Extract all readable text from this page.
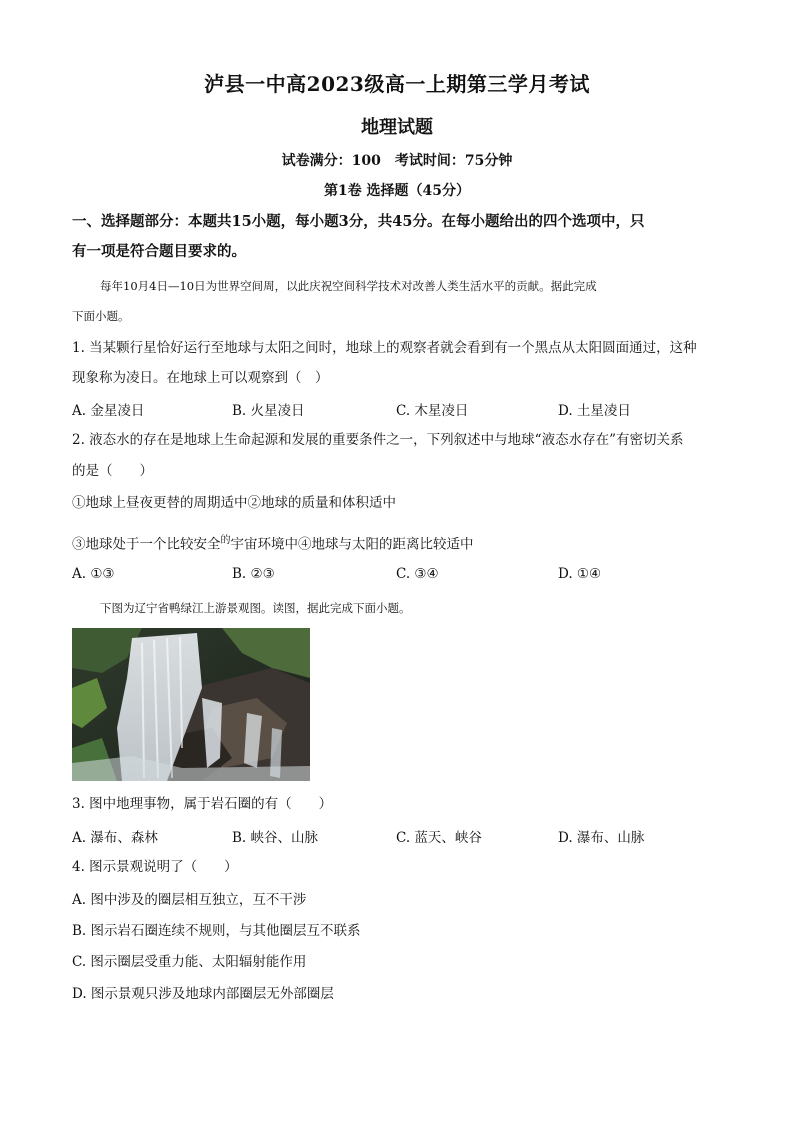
泸县一中高2023级高一上期第三学月考试
地理试题
试卷满分：100　考试时间：75分钟
第1卷 选择题（45分）
一、选择题部分：本题共15小题，每小题3分，共45分。在每小题给出的四个选项中，只
有一项是符合题目要求的。
每年10月4日—10日为世界空间周，以此庆祝空间科学技术对改善人类生活水平的贡献。据此完成
下面小题。
1. 当某颗行星恰好运行至地球与太阳之间时，地球上的观察者就会看到有一个黑点从太阳圆面通过，这种
现象称为凌日。在地球上可以观察到（　）
A. 金星凌日	B. 火星凌日	C. 木星凌日	D. 土星凌日
2. 液态水的存在是地球上生命起源和发展的重要条件之一，下列叙述中与地球“液态水存在”有密切关系
的是（　　）
①地球上昼夜更替的周期适中②地球的质量和体积适中
③地球处于一个比较安全$^的$宇宙环境中④地球与太阳的距离比较适中
A. ①③	B. ②③	C. ③④	D. ①④
下图为辽宁省鸭绿江上游景观图。读图，据此完成下面小题。
3. 图中地理事物，属于岩石圈的有（　　）
A. 瀑布、森林	B. 峡谷、山脉	C. 蓝天、峡谷	D. 瀑布、山脉
4. 图示景观说明了（　　）
A. 图中涉及的圈层相互独立，互不干涉
B. 图示岩石圈连续不规则，与其他圈层互不联系
C. 图示圈层受重力能、太阳辐射能作用
D. 图示景观只涉及地球内部圈层无外部圈层
